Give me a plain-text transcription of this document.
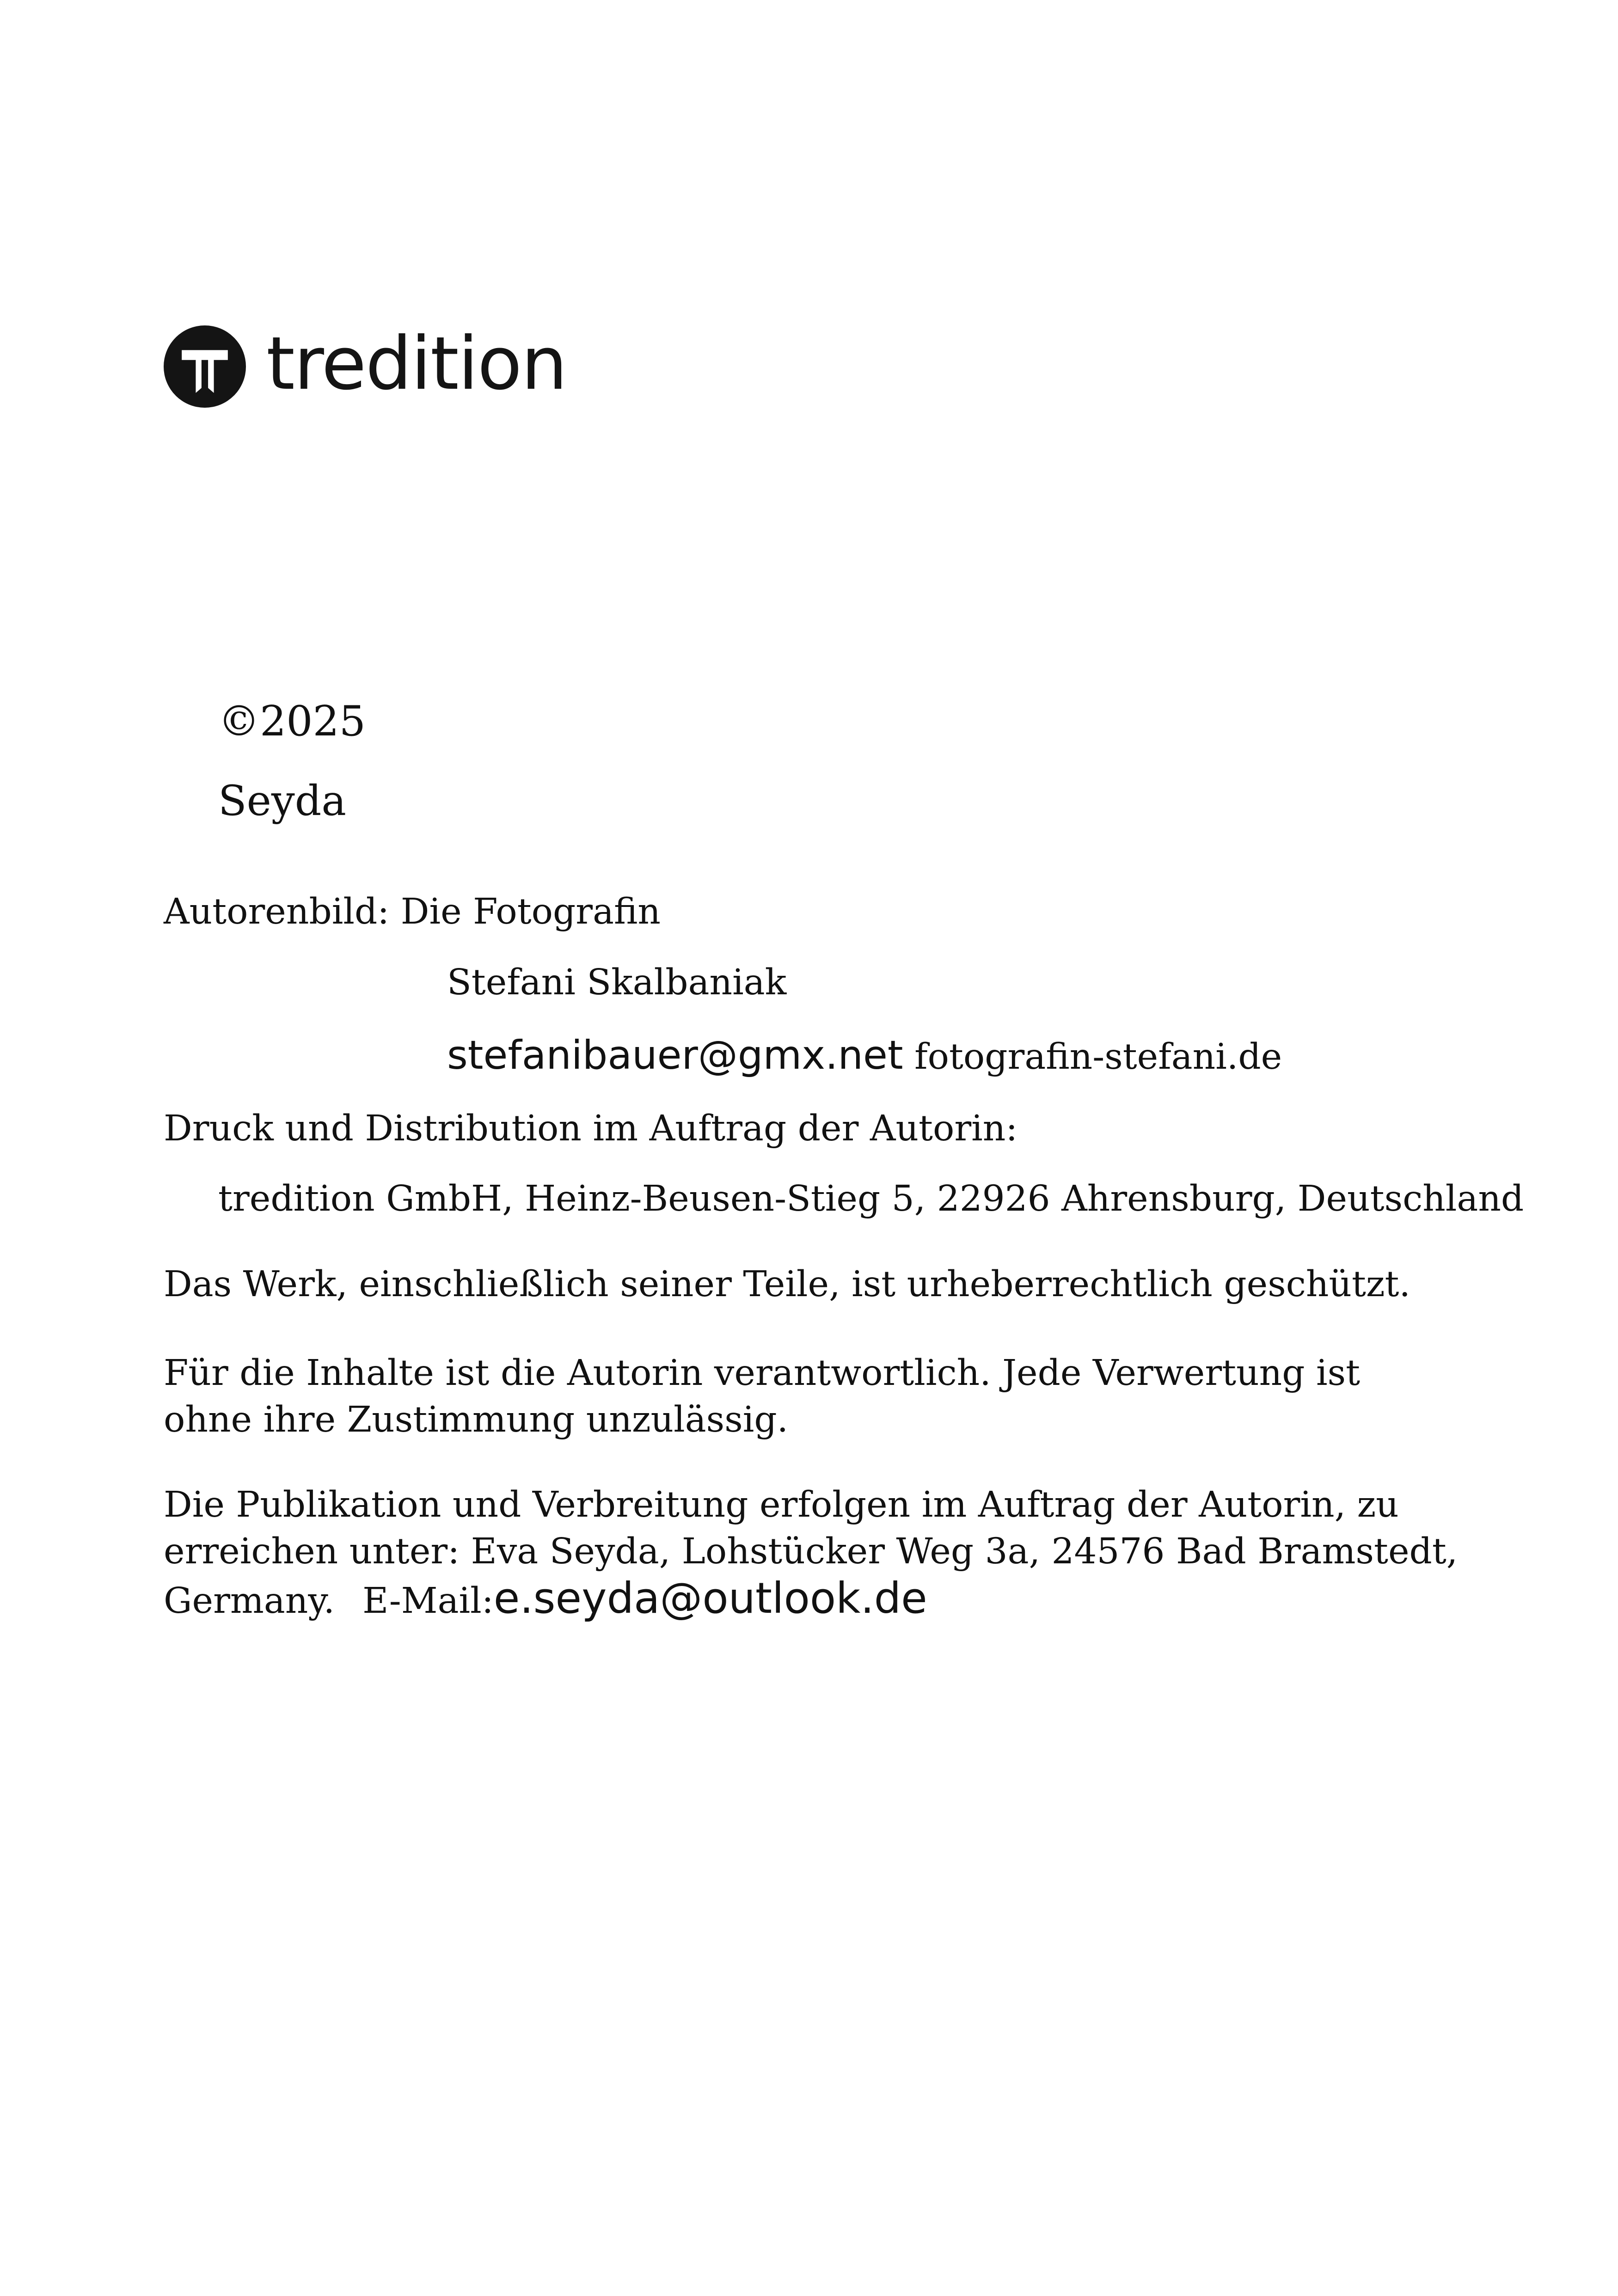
tredition
©2025
Seyda
Autorenbild: Die Fotografin
Stefani Skalbaniak
stefanibauer@gmx.net fotografin-stefani.de
Druck und Distribution im Auftrag der Autorin:
tredition GmbH, Heinz-Beusen-Stieg 5, 22926 Ahrensburg, Deutschland
Das Werk, einschließlich seiner Teile, ist urheberrechtlich geschützt.

Für die Inhalte ist die Autorin verantwortlich. Jede Verwertung ist ohne ihre Zustimmung unzulässig.

Die Publikation und Verbreitung erfolgen im Auftrag der Autorin, zu erreichen unter: Eva Seyda, Lohstücker Weg 3a, 24576 Bad Bramstedt, Germany. E-Mail:e.seyda@outlook.de
